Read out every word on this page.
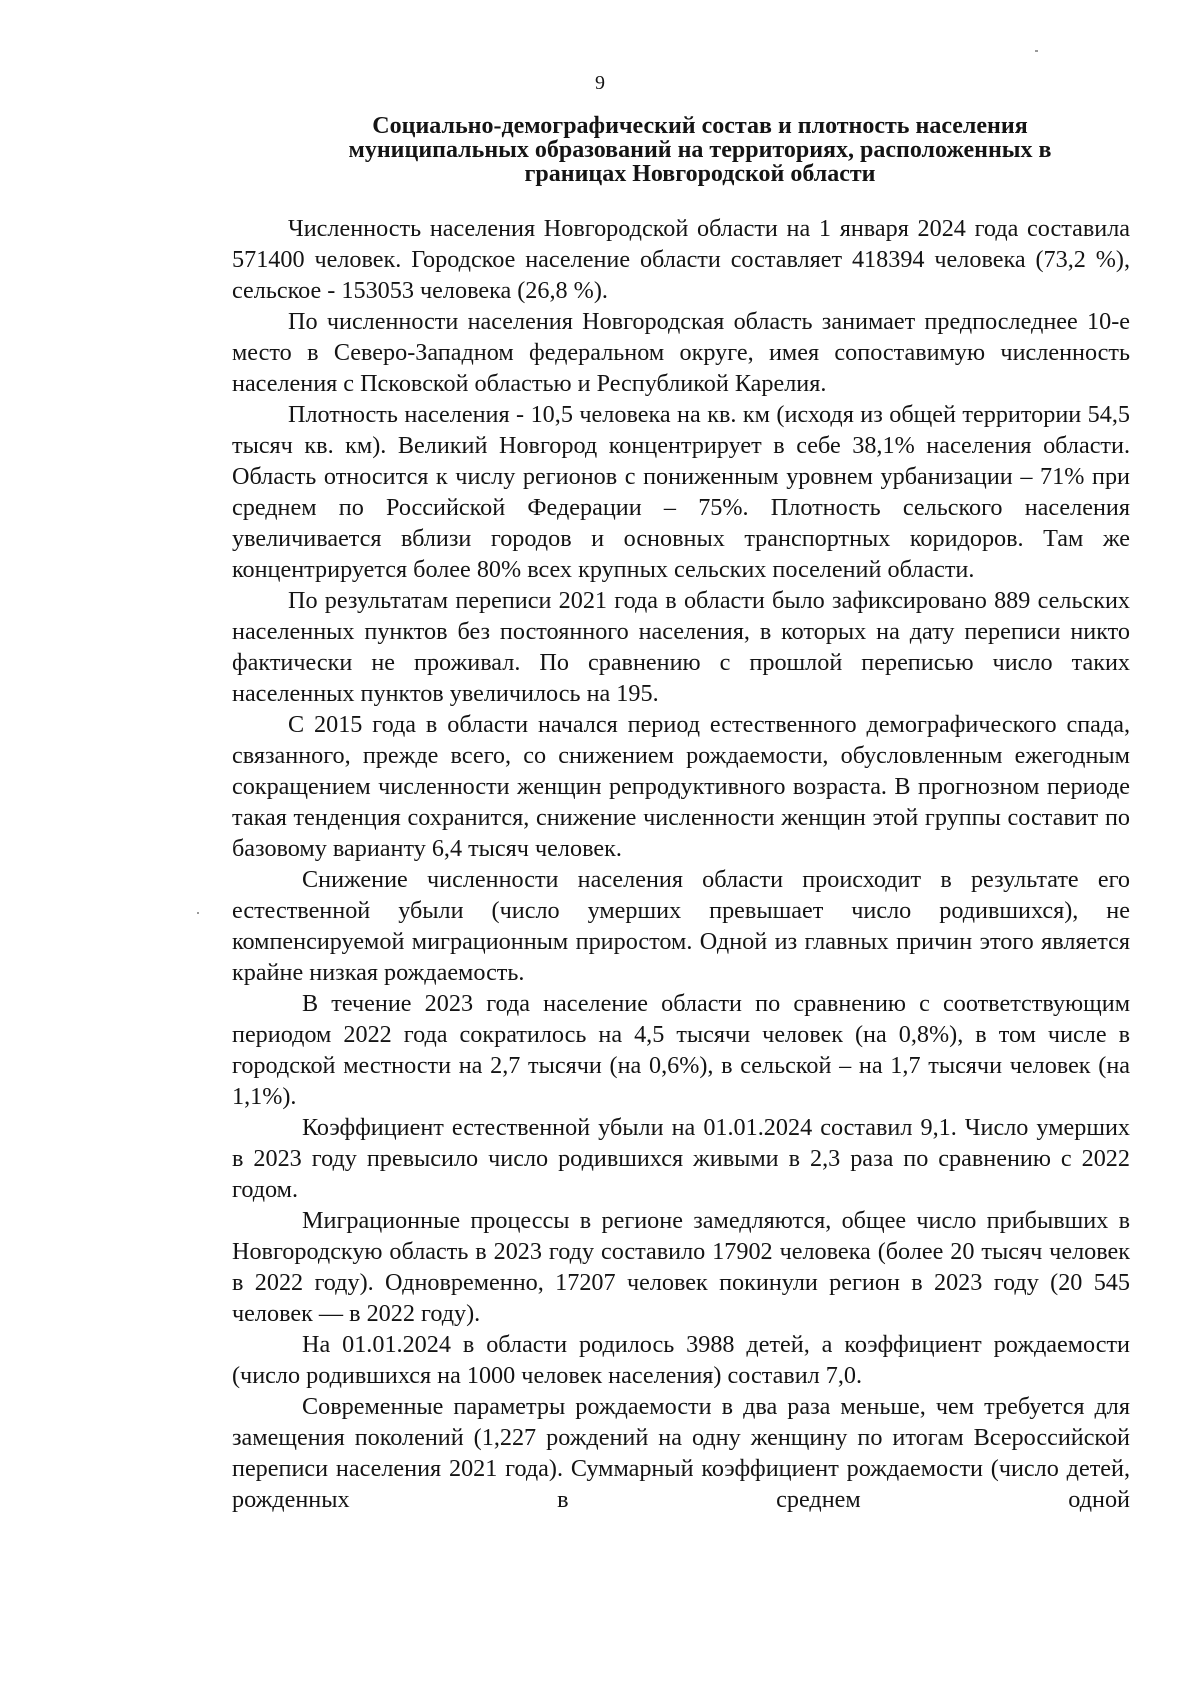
9
Социально-демографический состав и плотность населения муниципальных образований на территориях, расположенных в границах Новгородской области

Численность населения Новгородской области на 1 января 2024 года составила 571400 человек. Городское население области составляет 418394 человека (73,2 %), сельское - 153053 человека (26,8 %).

По численности населения Новгородская область занимает предпоследнее 10-е место в Северо-Западном федеральном округе, имея сопоставимую численность населения с Псковской областью и Республикой Карелия.

Плотность населения - 10,5 человека на кв. км (исходя из общей территории 54,5 тысяч кв. км). Великий Новгород концентрирует в себе 38,1% населения области. Область относится к числу регионов с пониженным уровнем урбанизации – 71% при среднем по Российской Федерации – 75%. Плотность сельского населения увеличивается вблизи городов и основных транспортных коридоров. Там же концентрируется более 80% всех крупных сельских поселений области.

По результатам переписи 2021 года в области было зафиксировано 889 сельских населенных пунктов без постоянного населения, в которых на дату переписи никто фактически не проживал. По сравнению с прошлой переписью число таких населенных пунктов увеличилось на 195.

С 2015 года в области начался период естественного демографического спада, связанного, прежде всего, со снижением рождаемости, обусловленным ежегодным сокращением численности женщин репродуктивного возраста. В прогнозном периоде такая тенденция сохранится, снижение численности женщин этой группы составит по базовому варианту 6,4 тысяч человек.

Снижение численности населения области происходит в результате его естественной убыли (число умерших превышает число родившихся), не компенсируемой миграционным приростом. Одной из главных причин этого является крайне низкая рождаемость.

В течение 2023 года население области по сравнению с соответствующим периодом 2022 года сократилось на 4,5 тысячи человек (на 0,8%), в том числе в городской местности на 2,7 тысячи (на 0,6%), в сельской – на 1,7 тысячи человек (на 1,1%).

Коэффициент естественной убыли на 01.01.2024 составил 9,1. Число умерших в 2023 году превысило число родившихся живыми в 2,3 раза по сравнению с 2022 годом.

Миграционные процессы в регионе замедляются, общее число прибывших в Новгородскую область в 2023 году составило 17902 человека (более 20 тысяч человек в 2022 году). Одновременно, 17207 человек покинули регион в 2023 году (20 545 человек — в 2022 году).

На 01.01.2024 в области родилось 3988 детей, а коэффициент рождаемости (число родившихся на 1000 человек населения) составил 7,0.

Современные параметры рождаемости в два раза меньше, чем требуется для замещения поколений (1,227 рождений на одну женщину по итогам Всероссийской переписи населения 2021 года). Суммарный коэффициент рождаемости (число детей, рожденных в среднем одной
